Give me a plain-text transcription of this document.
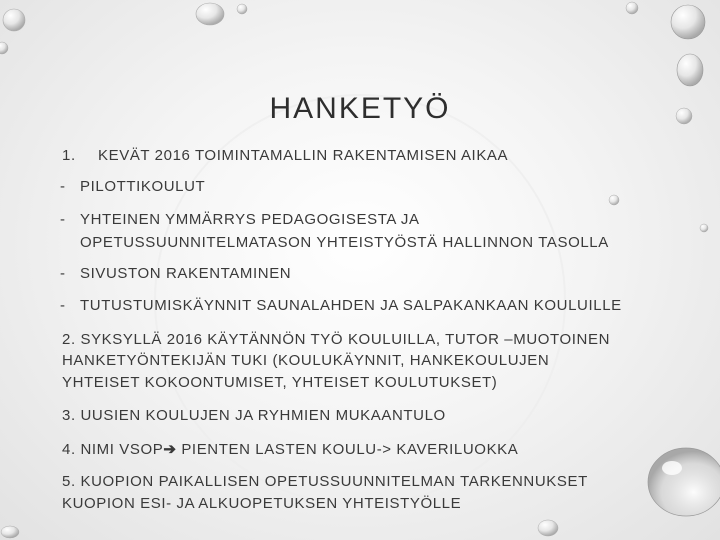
HANKETYÖ
1. KEVÄT 2016 TOIMINTAMALLIN RAKENTAMISEN AIKAA
- PILOTTIKOULUT
- YHTEINEN YMMÄRRYS PEDAGOGISESTA JA
OPETUSSUUNNITELMATASON YHTEISTYÖSTÄ HALLINNON TASOLLA
- SIVUSTON RAKENTAMINEN
- TUTUSTUMISKÄYNNIT SAUNALAHDEN JA SALPAKANKAAN KOULUILLE
2. SYKSYLLÄ 2016 KÄYTÄNNÖN TYÖ KOULUILLA, TUTOR –MUOTOINEN
HANKETYÖNTEKIJÄN TUKI (KOULUKÄYNNIT, HANKEKOULUJEN
YHTEISET KOKOONTUMISET, YHTEISET KOULUTUKSET)
3. UUSIEN KOULUJEN JA RYHMIEN MUKAANTULO
4. NIMI VSOP➔ PIENTEN LASTEN KOULU-> KAVERILUOKKA
5. KUOPION PAIKALLISEN OPETUSSUUNNITELMAN TARKENNUKSET
KUOPION ESI- JA ALKUOPETUKSEN YHTEISTYÖLLE
